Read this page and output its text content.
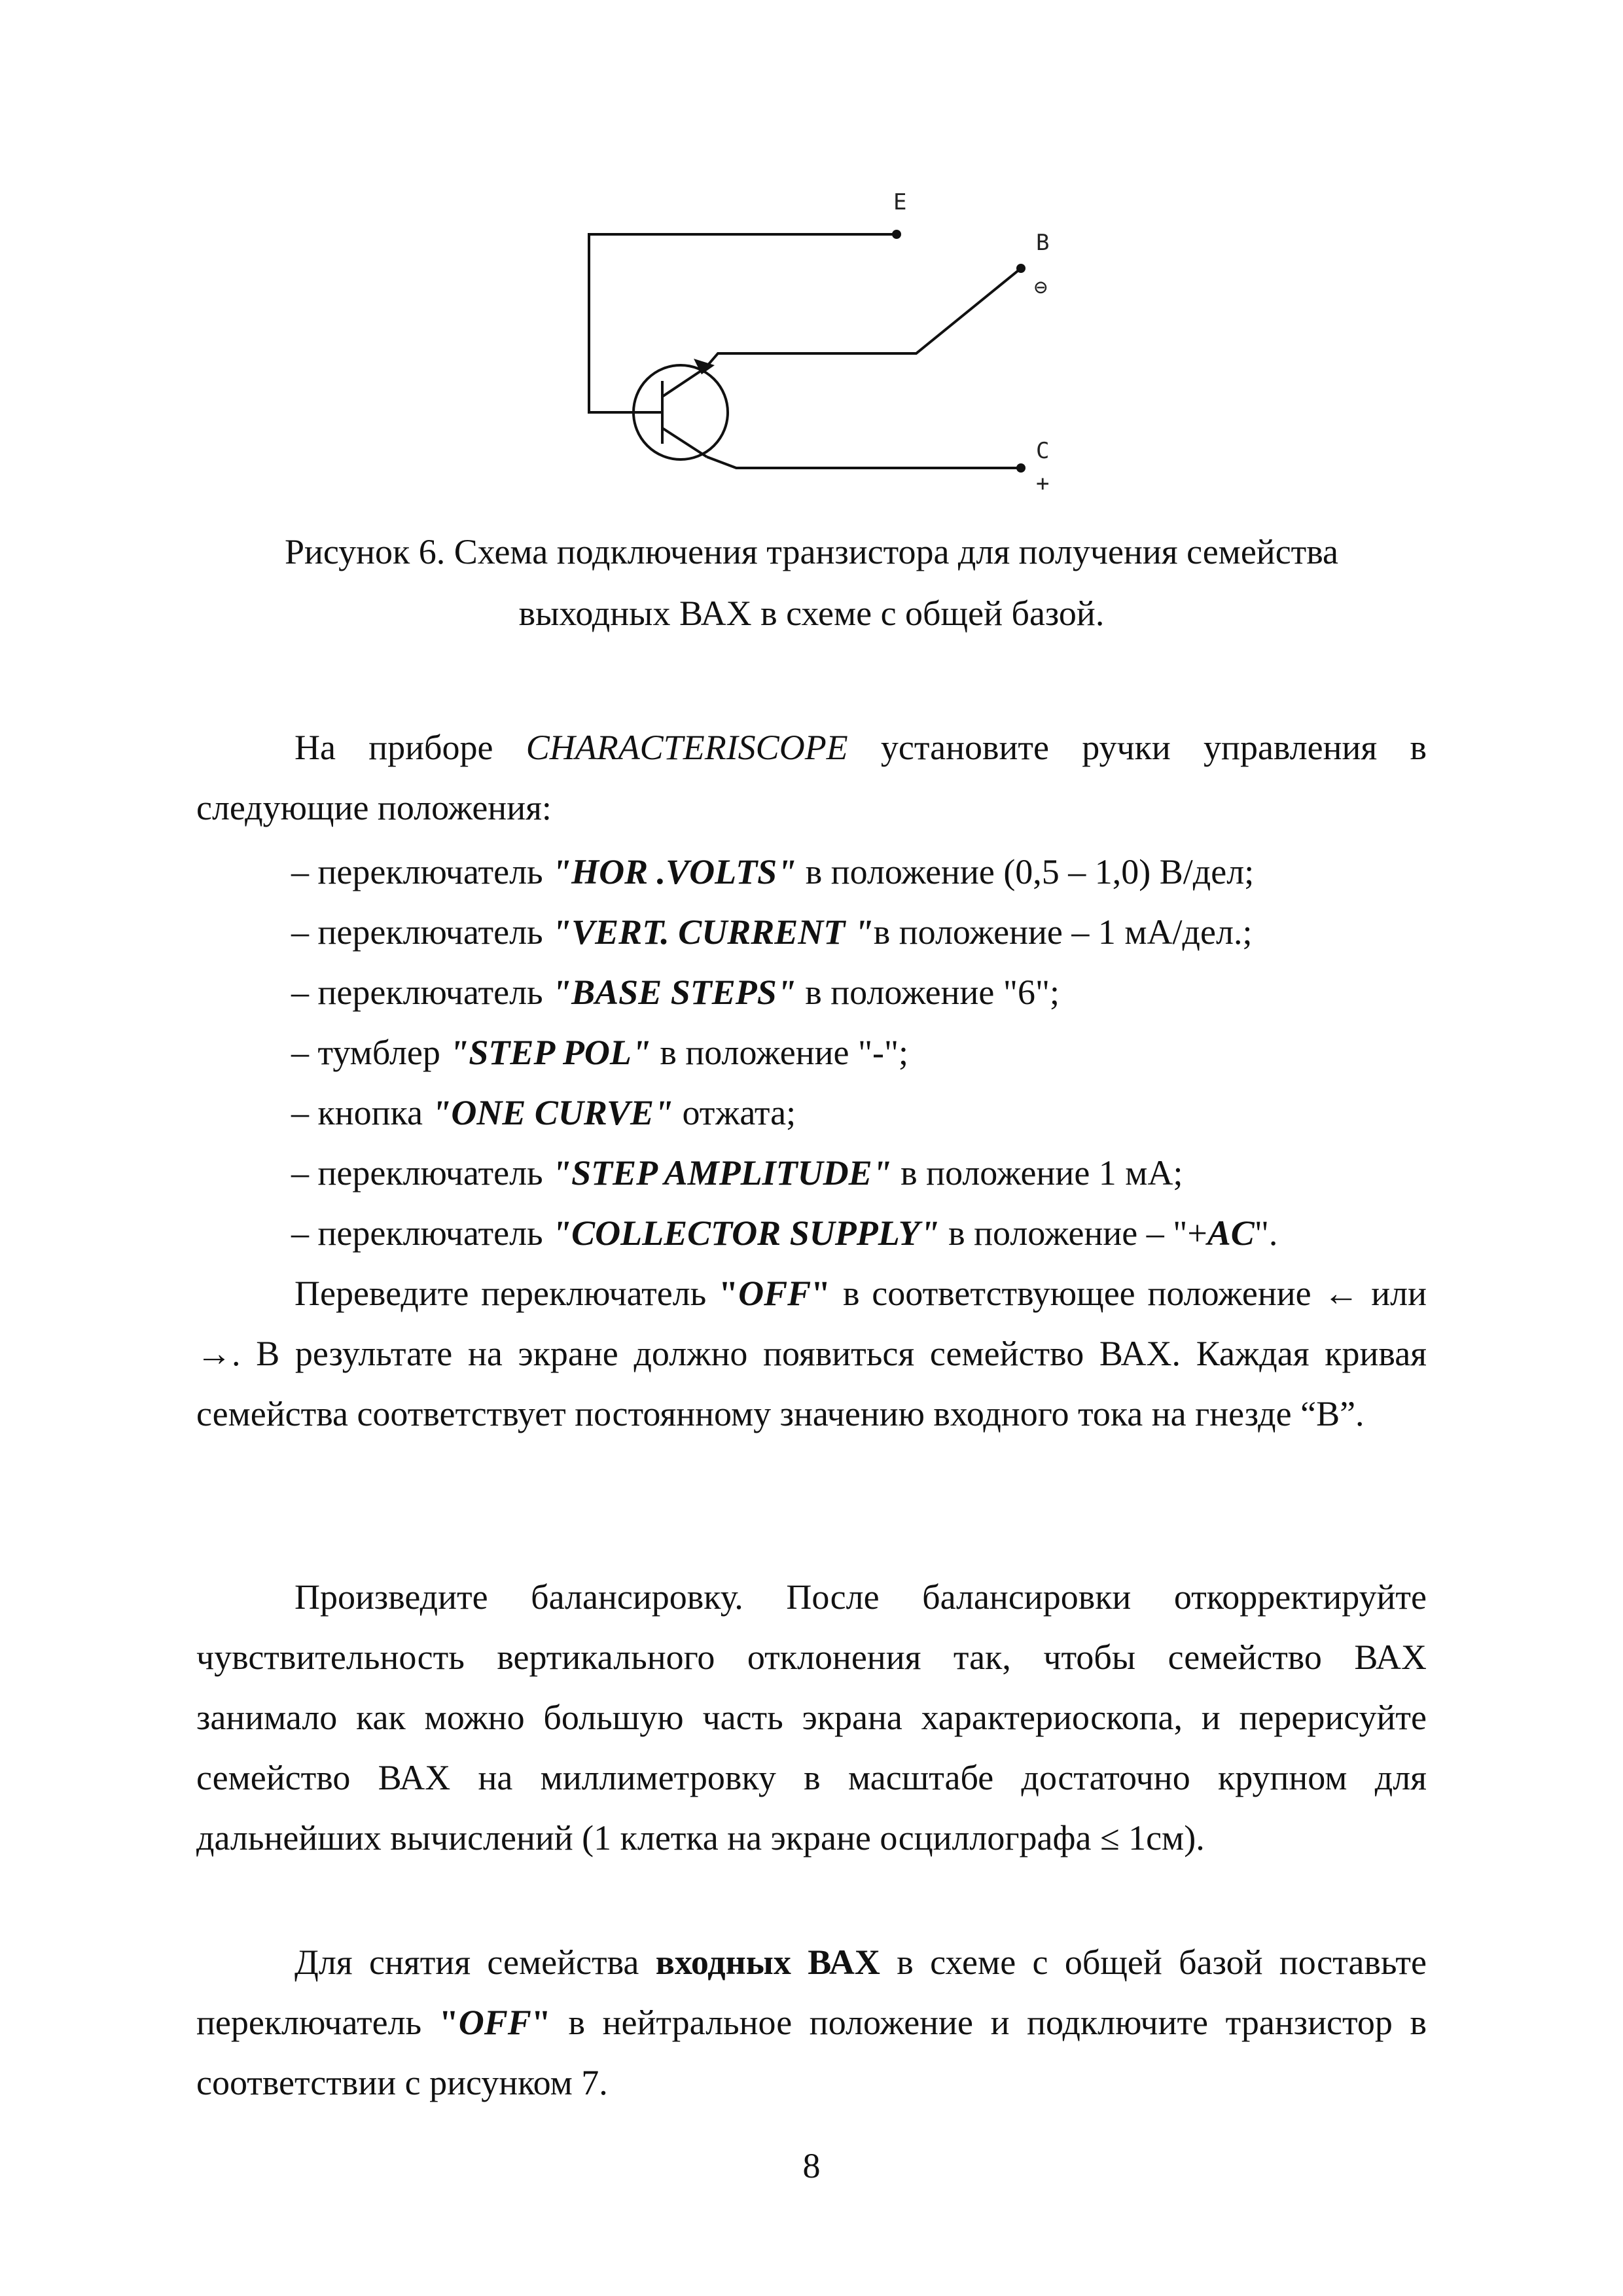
E
B
⊖
C
+
Рисунок 6. Схема подключения транзистора для получения семейства
выходных ВАХ в схеме с общей базой.
На приборе CHARACTERISCOPE установите ручки управления в следующие положения:
– переключатель "HOR .VOLTS" в положение (0,5 – 1,0) В/дел;
– переключатель "VERT. CURRENT "в положение – 1 мА/дел.;
– переключатель "BASE STEPS" в положение "6";
– тумблер "STEP POL" в положение "-";
– кнопка "ONE CURVE" отжата;
– переключатель "STEP AMPLITUDE" в положение 1 мА;
– переключатель "COLLECTOR SUPPLY" в положение – "+AC".
Переведите переключатель "OFF" в соответствующее положение ← или →. В результате на экране должно появиться семейство ВАХ. Каждая кривая семейства соответствует постоянному значению входного тока на гнезде “В”.
Произведите балансировку. После балансировки откорректируйте чувствительность вертикального отклонения так, чтобы семейство ВАХ занимало как можно большую часть экрана характериоскопа, и перерисуйте семейство ВАХ на миллиметровку в масштабе достаточно крупном для дальнейших вычислений (1 клетка на экране осциллографа ≤ 1см).
Для снятия семейства входных ВАХ в схеме с общей базой поставьте переключатель "OFF" в нейтральное положение и подключите транзистор в соответствии с рисунком 7.
8
